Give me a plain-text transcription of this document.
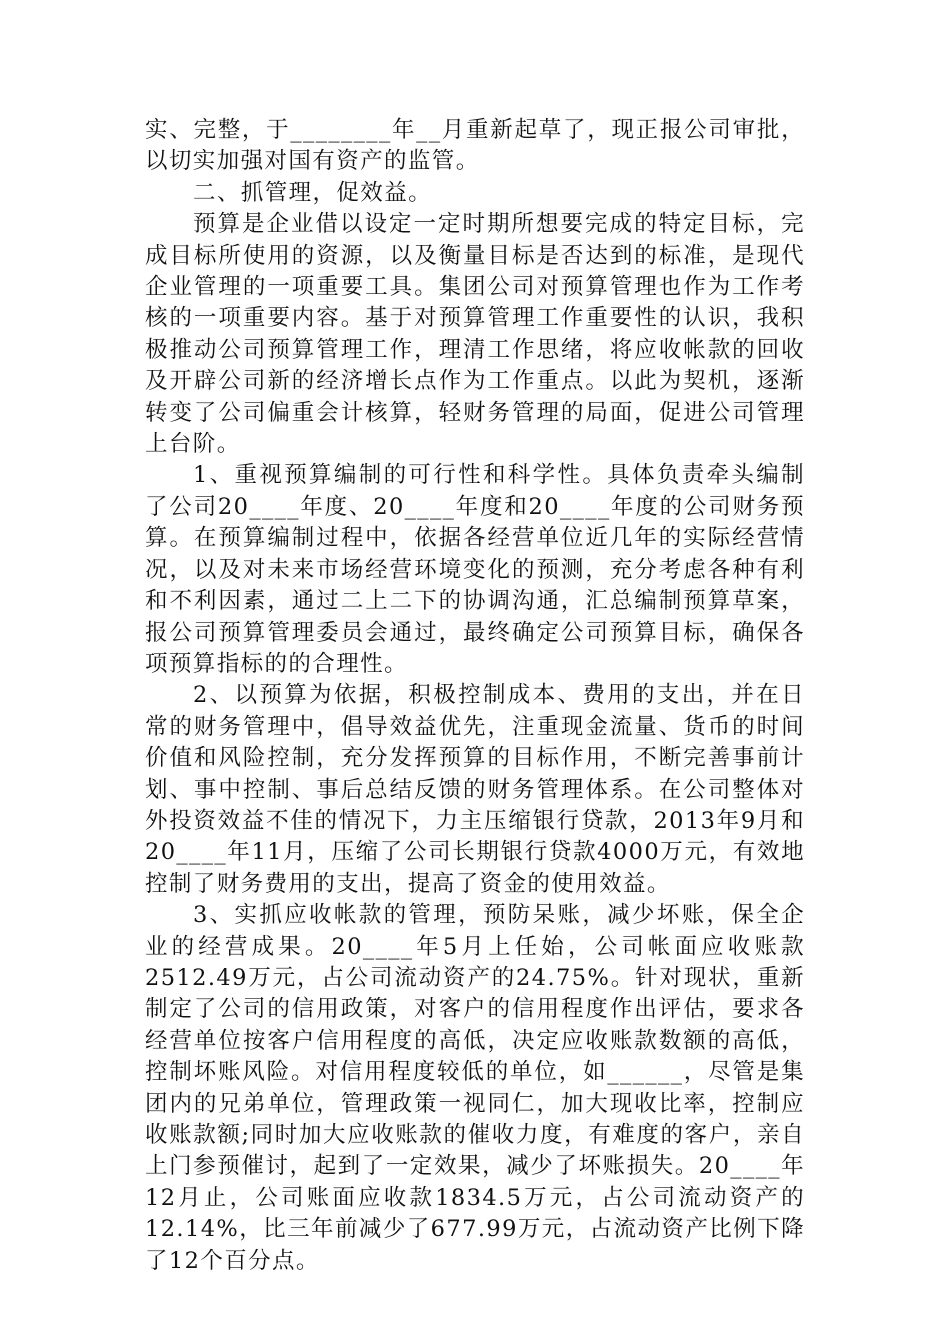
实、完整，于________年__月重新起草了，现正报公司审批，以切实加强对国有资产的监管。

二、抓管理，促效益。

预算是企业借以设定一定时期所想要完成的特定目标，完成目标所使用的资源，以及衡量目标是否达到的标准，是现代企业管理的一项重要工具。集团公司对预算管理也作为工作考核的一项重要内容。基于对预算管理工作重要性的认识，我积极推动公司预算管理工作，理清工作思绪，将应收帐款的回收及开辟公司新的经济增长点作为工作重点。以此为契机，逐渐转变了公司偏重会计核算，轻财务管理的局面，促进公司管理上台阶。

1、重视预算编制的可行性和科学性。具体负责牵头编制了公司20____年度、20____年度和20____年度的公司财务预算。在预算编制过程中，依据各经营单位近几年的实际经营情况，以及对未来市场经营环境变化的预测，充分考虑各种有利和不利因素，通过二上二下的协调沟通，汇总编制预算草案，报公司预算管理委员会通过，最终确定公司预算目标，确保各项预算指标的的合理性。

2、以预算为依据，积极控制成本、费用的支出，并在日常的财务管理中，倡导效益优先，注重现金流量、货币的时间价值和风险控制，充分发挥预算的目标作用，不断完善事前计划、事中控制、事后总结反馈的财务管理体系。在公司整体对外投资效益不佳的情况下，力主压缩银行贷款，2013年9月和20____年11月，压缩了公司长期银行贷款4000万元，有效地控制了财务费用的支出，提高了资金的使用效益。

3、实抓应收帐款的管理，预防呆账，减少坏账，保全企业的经营成果。20____年5月上任始，公司帐面应收账款2512.49万元，占公司流动资产的24.75%。针对现状，重新制定了公司的信用政策，对客户的信用程度作出评估，要求各经营单位按客户信用程度的高低，决定应收账款数额的高低，控制坏账风险。对信用程度较低的单位，如______，尽管是集团内的兄弟单位，管理政策一视同仁，加大现收比率，控制应收账款额;同时加大应收账款的催收力度，有难度的客户，亲自上门参预催讨，起到了一定效果，减少了坏账损失。20____年12月止，公司账面应收款1834.5万元，占公司流动资产的12.14%，比三年前减少了677.99万元，占流动资产比例下降了12个百分点。
